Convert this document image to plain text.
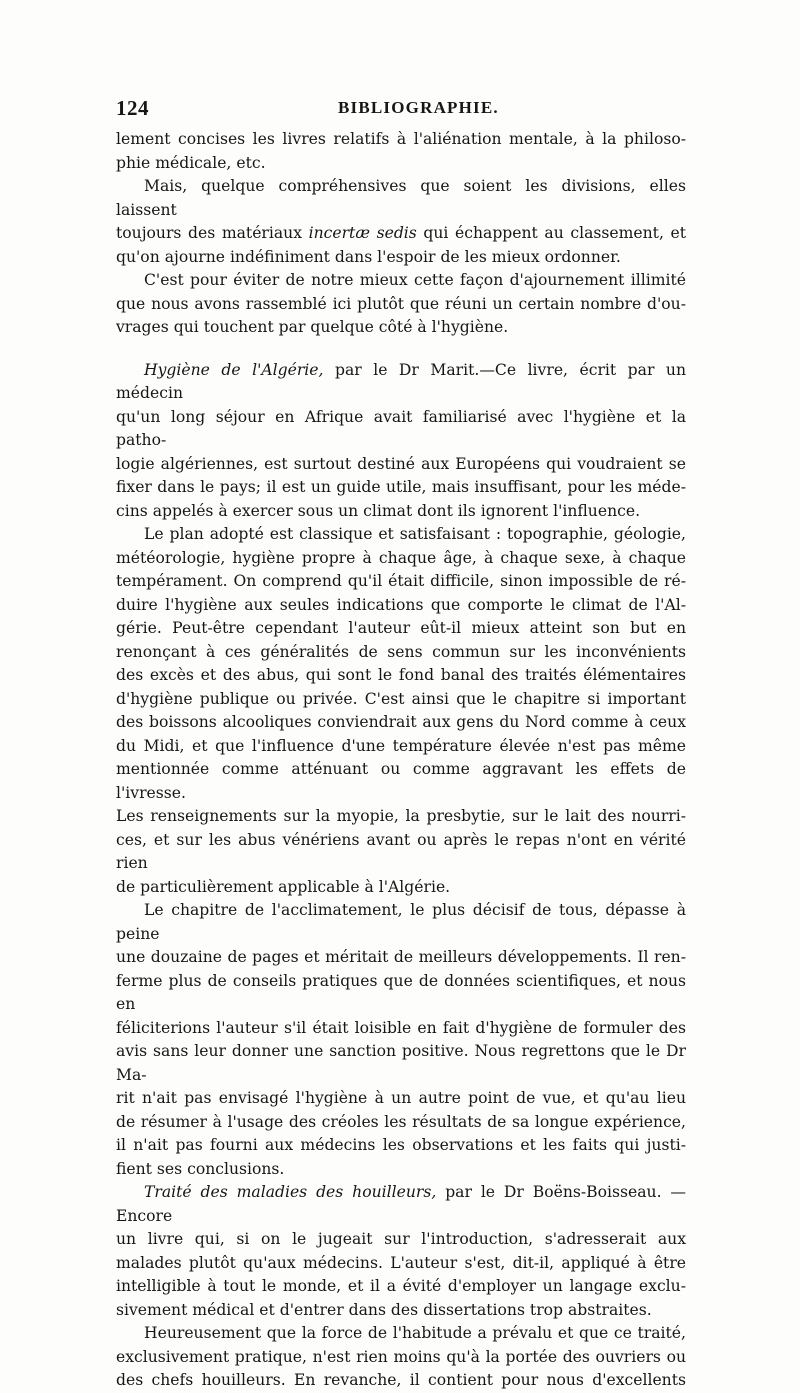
124	BIBLIOGRAPHIE.

lement concises les livres relatifs à l'aliénation mentale, à la philoso-

phie médicale, etc.

Mais, quelque compréhensives que soient les divisions, elles laissent

toujours des matériaux incertæ sedis qui échappent au classement, et

qu'on ajourne indéfiniment dans l'espoir de les mieux ordonner.

C'est pour éviter de notre mieux cette façon d'ajournement illimité

que nous avons rassemblé ici plutôt que réuni un certain nombre d'ou-

vrages qui touchent par quelque côté à l'hygiène.

Hygiène de l'Algérie, par le Dr Marit.—Ce livre, écrit par un médecin

qu'un long séjour en Afrique avait familiarisé avec l'hygiène et la patho-

logie algériennes, est surtout destiné aux Européens qui voudraient se

fixer dans le pays; il est un guide utile, mais insuffisant, pour les méde-

cins appelés à exercer sous un climat dont ils ignorent l'influence.

Le plan adopté est classique et satisfaisant : topographie, géologie,

météorologie, hygiène propre à chaque âge, à chaque sexe, à chaque

tempérament. On comprend qu'il était difficile, sinon impossible de ré-

duire l'hygiène aux seules indications que comporte le climat de l'Al-

gérie. Peut-être cependant l'auteur eût-il mieux atteint son but en

renonçant à ces généralités de sens commun sur les inconvénients

des excès et des abus, qui sont le fond banal des traités élémentaires

d'hygiène publique ou privée. C'est ainsi que le chapitre si important

des boissons alcooliques conviendrait aux gens du Nord comme à ceux

du Midi, et que l'influence d'une température élevée n'est pas même

mentionnée comme atténuant ou comme aggravant les effets de l'ivresse.

Les renseignements sur la myopie, la presbytie, sur le lait des nourri-

ces, et sur les abus vénériens avant ou après le repas n'ont en vérité rien

de particulièrement applicable à l'Algérie.

Le chapitre de l'acclimatement, le plus décisif de tous, dépasse à peine

une douzaine de pages et méritait de meilleurs développements. Il ren-

ferme plus de conseils pratiques que de données scientifiques, et nous en

féliciterions l'auteur s'il était loisible en fait d'hygiène de formuler des

avis sans leur donner une sanction positive. Nous regrettons que le Dr Ma-

rit n'ait pas envisagé l'hygiène à un autre point de vue, et qu'au lieu

de résumer à l'usage des créoles les résultats de sa longue expérience,

il n'ait pas fourni aux médecins les observations et les faits qui justi-

fient ses conclusions.

Traité des maladies des houilleurs, par le Dr Boëns-Boisseau. — Encore

un livre qui, si on le jugeait sur l'introduction, s'adresserait aux

malades plutôt qu'aux médecins. L'auteur s'est, dit-il, appliqué à être

intelligible à tout le monde, et il a évité d'employer un langage exclu-

sivement médical et d'entrer dans des dissertations trop abstraites.

Heureusement que la force de l'habitude a prévalu et que ce traité,

exclusivement pratique, n'est rien moins qu'à la portée des ouvriers ou

des chefs houilleurs. En revanche, il contient pour nous d'excellents
